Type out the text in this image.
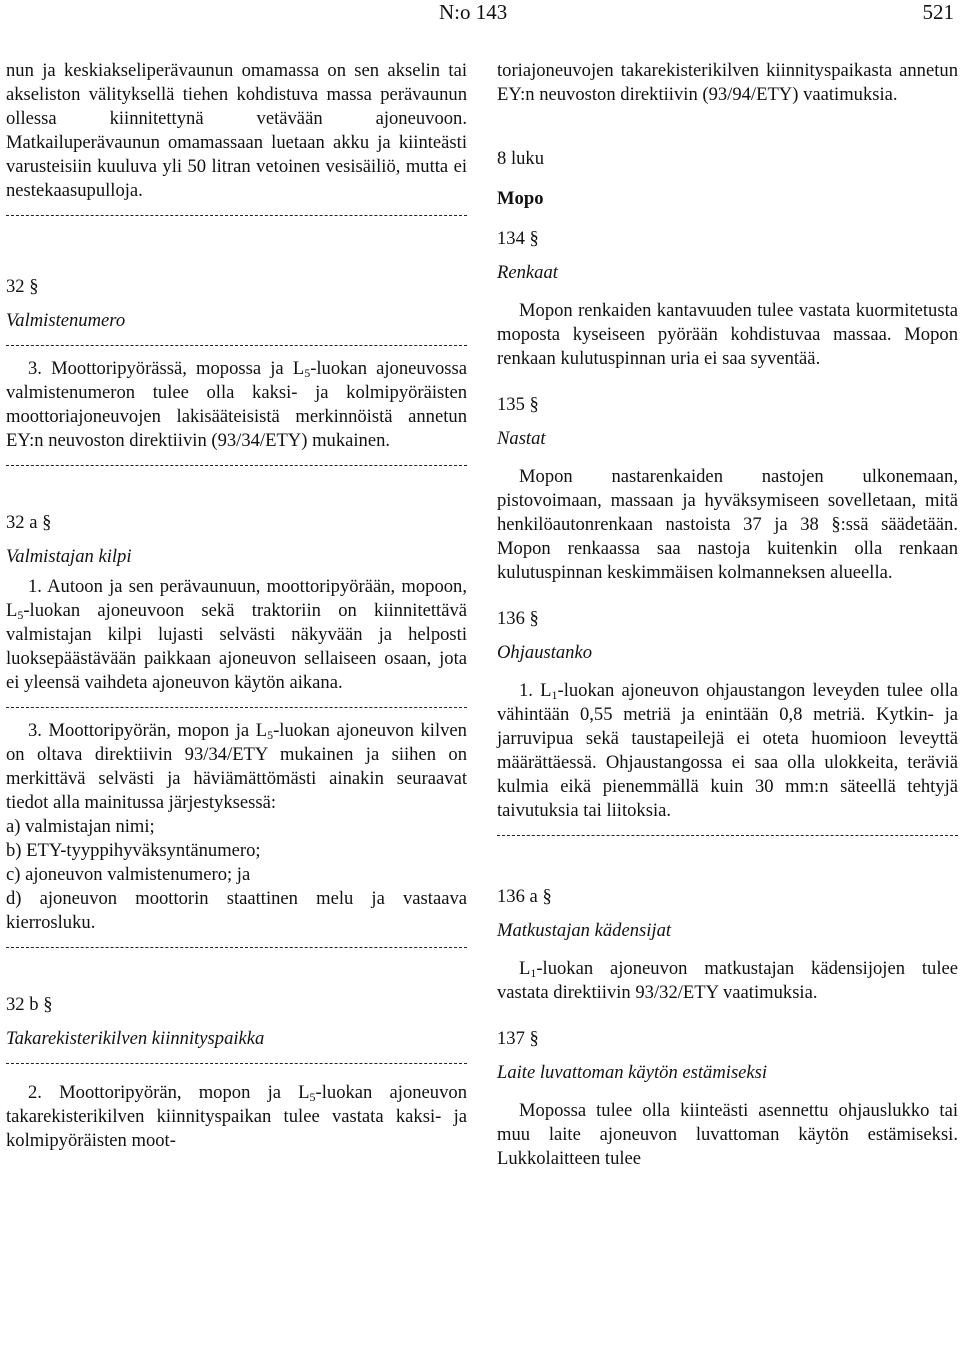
N:o 143	521

nun ja keskiakseliperävaunun omamassa on sen akselin tai akseliston välityksellä tiehen kohdistuva massa perävaunun ollessa kiinnitettynä vetävään ajoneuvoon. Matkailuperävaunun omamassaan luetaan akku ja kiinteästi varusteisiin kuuluva yli 50 litran vetoinen vesisäiliö, mutta ei nestekaasupulloja.

32 §

Valmistenumero

3. Moottoripyörässä, mopossa ja $L_5$-luokan ajoneuvossa valmistenumeron tulee olla kaksi- ja kolmipyöräisten moottoriajoneuvojen lakisääteisistä merkinnöistä annetun EY:n neuvoston direktiivin (93/34/ETY) mukainen.

32 a §

Valmistajan kilpi

1. Autoon ja sen perävaunuun, moottoripyörään, mopoon, $L_5$-luokan ajoneuvoon sekä traktoriin on kiinnitettävä valmistajan kilpi lujasti selvästi näkyvään ja helposti luoksepäästävään paikkaan ajoneuvon sellaiseen osaan, jota ei yleensä vaihdeta ajoneuvon käytön aikana.

3. Moottoripyörän, mopon ja $L_5$-luokan ajoneuvon kilven on oltava direktiivin 93/34/ETY mukainen ja siihen on merkittävä selvästi ja häviämättömästi ainakin seuraavat tiedot alla mainitussa järjestyksessä:

a) valmistajan nimi;

b) ETY-tyyppihyväksyntänumero;

c) ajoneuvon valmistenumero; ja

d) ajoneuvon moottorin staattinen melu ja vastaava kierrosluku.

32 b §

Takarekisterikilven kiinnityspaikka

2. Moottoripyörän, mopon ja $L_5$-luokan ajoneuvon takarekisterikilven kiinnityspaikan tulee vastata kaksi- ja kolmipyöräisten moot-

toriajoneuvojen takarekisterikilven kiinnityspaikasta annetun EY:n neuvoston direktiivin (93/94/ETY) vaatimuksia.

8 luku

Mopo

134 §

Renkaat

Mopon renkaiden kantavuuden tulee vastata kuormitetusta moposta kyseiseen pyörään kohdistuvaa massaa. Mopon renkaan kulutuspinnan uria ei saa syventää.

135 §

Nastat

Mopon nastarenkaiden nastojen ulkonemaan, pistovoimaan, massaan ja hyväksymiseen sovelletaan, mitä henkilöautonrenkaan nastoista 37 ja 38 §:ssä säädetään. Mopon renkaassa saa nastoja kuitenkin olla renkaan kulutuspinnan keskimmäisen kolmanneksen alueella.

136 §

Ohjaustanko

1. $L_1$-luokan ajoneuvon ohjaustangon leveyden tulee olla vähintään 0,55 metriä ja enintään 0,8 metriä. Kytkin- ja jarruvipua sekä taustapeilejä ei oteta huomioon leveyttä määrättäessä. Ohjaustangossa ei saa olla ulokkeita, teräviä kulmia eikä pienemmällä kuin 30 mm:n säteellä tehtyjä taivutuksia tai liitoksia.

136 a §

Matkustajan kädensijat

$L_1$-luokan ajoneuvon matkustajan kädensijojen tulee vastata direktiivin 93/32/ETY vaatimuksia.

137 §

Laite luvattoman käytön estämiseksi

Mopossa tulee olla kiinteästi asennettu ohjauslukko tai muu laite ajoneuvon luvattoman käytön estämiseksi. Lukkolaitteen tulee
